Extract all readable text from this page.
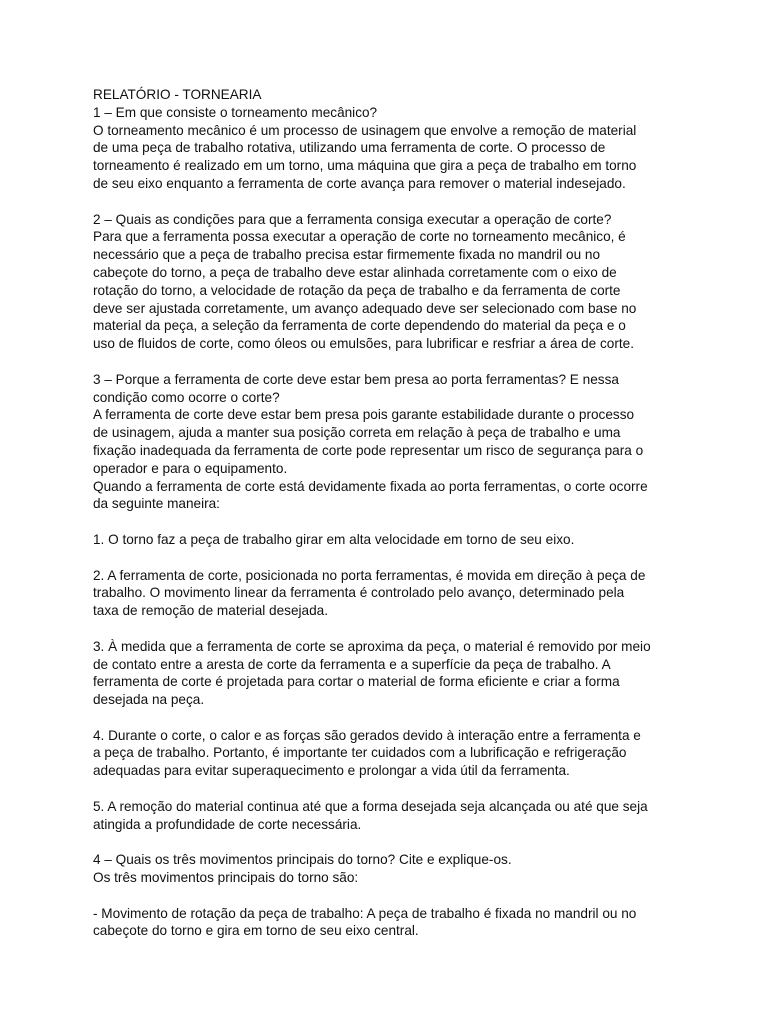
RELATÓRIO - TORNEARIA
1 – Em que consiste o torneamento mecânico?
O torneamento mecânico é um processo de usinagem que envolve a remoção de material
de uma peça de trabalho rotativa, utilizando uma ferramenta de corte. O processo de
torneamento é realizado em um torno, uma máquina que gira a peça de trabalho em torno
de seu eixo enquanto a ferramenta de corte avança para remover o material indesejado.
2 – Quais as condições para que a ferramenta consiga executar a operação de corte?
Para que a ferramenta possa executar a operação de corte no torneamento mecânico, é
necessário que a peça de trabalho precisa estar firmemente fixada no mandril ou no
cabeçote do torno, a peça de trabalho deve estar alinhada corretamente com o eixo de
rotação do torno, a velocidade de rotação da peça de trabalho e da ferramenta de corte
deve ser ajustada corretamente, um avanço adequado deve ser selecionado com base no
material da peça, a seleção da ferramenta de corte dependendo do material da peça e o
uso de fluidos de corte, como óleos ou emulsões, para lubrificar e resfriar a área de corte.
3 – Porque a ferramenta de corte deve estar bem presa ao porta ferramentas? E nessa
condição como ocorre o corte?
A ferramenta de corte deve estar bem presa pois garante estabilidade durante o processo
de usinagem, ajuda a manter sua posição correta em relação à peça de trabalho e uma
fixação inadequada da ferramenta de corte pode representar um risco de segurança para o
operador e para o equipamento.
Quando a ferramenta de corte está devidamente fixada ao porta ferramentas, o corte ocorre
da seguinte maneira:
1. O torno faz a peça de trabalho girar em alta velocidade em torno de seu eixo.
2. A ferramenta de corte, posicionada no porta ferramentas, é movida em direção à peça de
trabalho. O movimento linear da ferramenta é controlado pelo avanço, determinado pela
taxa de remoção de material desejada.
3. À medida que a ferramenta de corte se aproxima da peça, o material é removido por meio
de contato entre a aresta de corte da ferramenta e a superfície da peça de trabalho. A
ferramenta de corte é projetada para cortar o material de forma eficiente e criar a forma
desejada na peça.
4. Durante o corte, o calor e as forças são gerados devido à interação entre a ferramenta e
a peça de trabalho. Portanto, é importante ter cuidados com a lubrificação e refrigeração
adequadas para evitar superaquecimento e prolongar a vida útil da ferramenta.
5. A remoção do material continua até que a forma desejada seja alcançada ou até que seja
atingida a profundidade de corte necessária.
4 – Quais os três movimentos principais do torno? Cite e explique-os.
Os três movimentos principais do torno são:
- Movimento de rotação da peça de trabalho: A peça de trabalho é fixada no mandril ou no
cabeçote do torno e gira em torno de seu eixo central.
